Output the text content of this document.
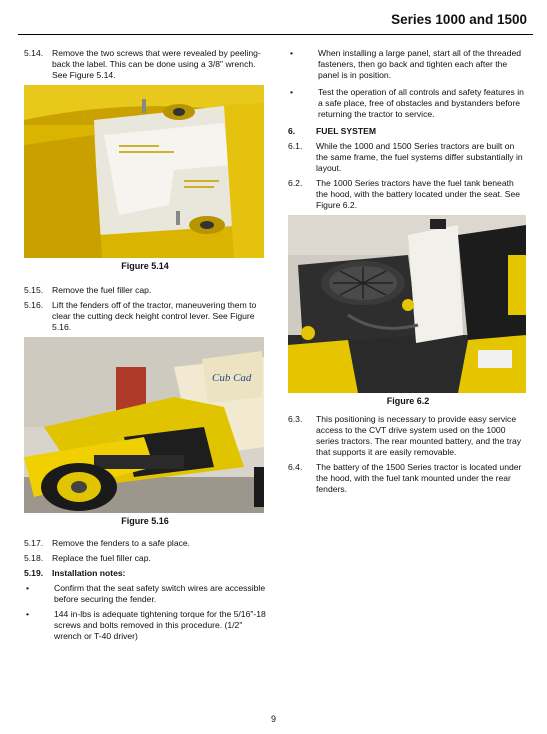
Series 1000 and 1500
5.14.	Remove the two screws that were revealed by peeling-back the label. This can be done using a 3/8" wrench. See Figure 5.14.
Figure 5.14
5.15.	Remove the fuel filler cap.
5.16.	Lift the fenders off of the tractor, maneuvering them to clear the cutting deck height control lever. See Figure 5.16.
Cub Cad
Figure 5.16
5.17.	Remove the fenders to a safe place.
5.18.	Replace the fuel filler cap.
5.19.	Installation notes:
•	Confirm that the seat safety switch wires are accessible before securing the fender.
•	144 in-lbs is adequate tightening torque for the 5/16"-18 screws and bolts removed in this procedure. (1/2" wrench or T-40 driver)
•	When installing a large panel, start all of the threaded fasteners, then go back and tighten each after the panel is in position.
•	Test the operation of all controls and safety features in a safe place, free of obstacles and bystanders before returning the tractor to service.
6.	FUEL SYSTEM
6.1.	While the 1000 and 1500 Series tractors are built on the same frame, the fuel systems differ substantially in layout.
6.2.	The 1000 Series tractors have the fuel tank beneath the hood, with the battery located under the seat. See Figure 6.2.
Figure 6.2
6.3.	This positioning is necessary to provide easy service access to the CVT drive system used on the 1000 series tractors. The rear mounted battery, and the tray that supports it are easily removable.
6.4.	The battery of the 1500 Series tractor is located under the hood, with the fuel tank mounted under the rear fenders.
9
